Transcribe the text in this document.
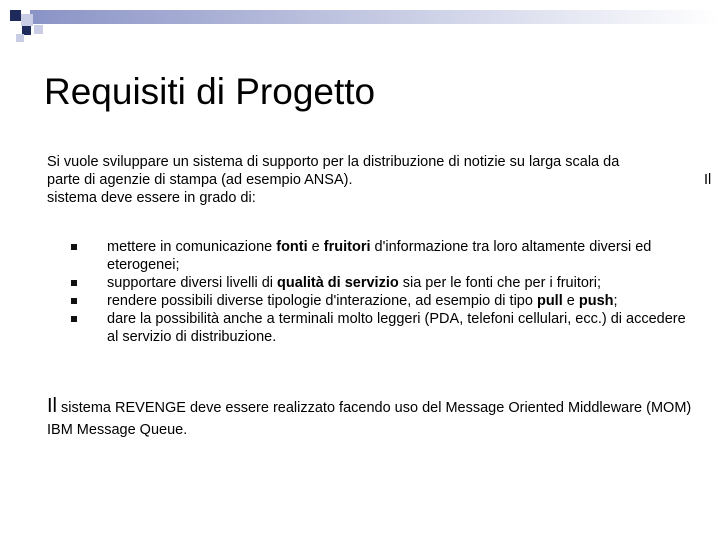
Requisiti di Progetto

Si vuole sviluppare un sistema di supporto per la distribuzione di notizie su larga scala da
parte di agenzie di stampa (ad esempio ANSA).	Il
sistema deve essere in grado di:

mettere in comunicazione fonti e fruitori d'informazione tra loro altamente diversi ed eterogenei;
supportare diversi livelli di qualità di servizio sia per le fonti che per i fruitori;
rendere possibili diverse tipologie d'interazione, ad esempio di tipo pull e push;
dare la possibilità anche a terminali molto leggeri (PDA, telefoni cellulari, ecc.) di accedere al servizio di distribuzione.

Il sistema REVENGE deve essere realizzato facendo uso del Message Oriented Middleware (MOM) IBM Message Queue.
